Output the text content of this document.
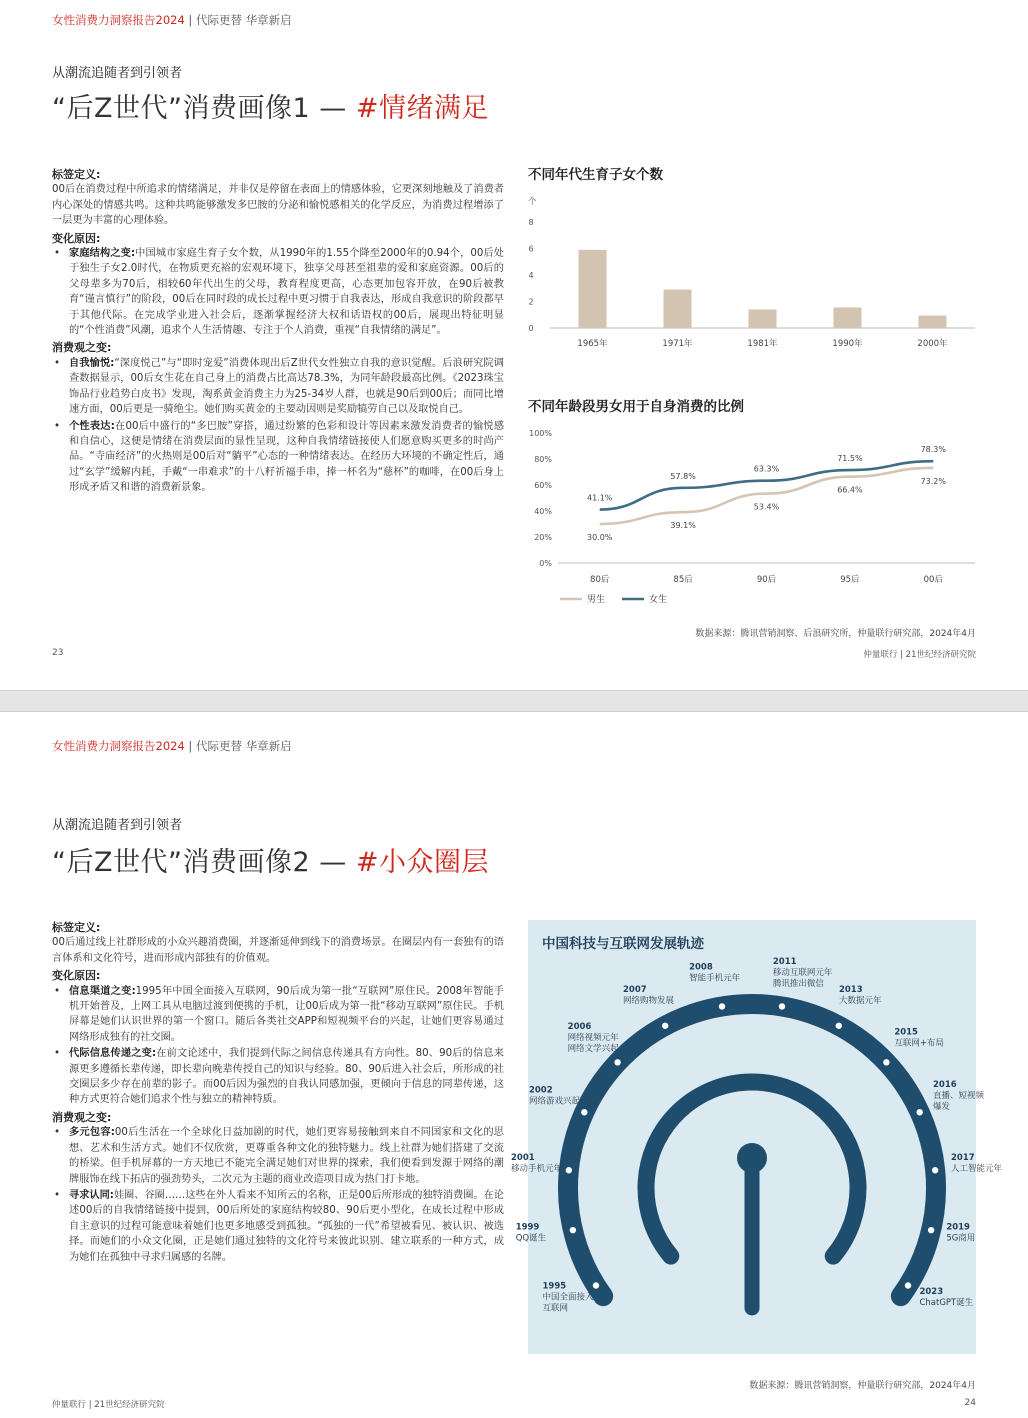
女性消费力洞察报告2024 | 代际更替 华章新启
从潮流追随者到引领者
“后Z世代”消费画像1 — #情绪满足
标签定义:

00后在消费过程中所追求的情绪满足，并非仅是停留在表面上的情感体验，它更深刻地触及了消费者内心深处的情感共鸣。这种共鸣能够激发多巴胺的分泌和愉悦感相关的化学反应，为消费过程增添了一层更为丰富的心理体验。

变化原因:
• 家庭结构之变:中国城市家庭生育子女个数，从1990年的1.55个降至2000年的0.94个，00后处于独生子女2.0时代，在物质更充裕的宏观环境下，独享父母甚至祖辈的爱和家庭资源。00后的父母辈多为70后，相较60年代出生的父母，教育程度更高，心态更加包容开放，在90后被教育“谨言慎行”的阶段，00后在同时段的成长过程中更习惯于自我表达，形成自我意识的阶段都早于其他代际。在完成学业进入社会后，逐渐掌握经济大权和话语权的00后，展现出特征明显的“个性消费”风潮，追求个人生活情趣、专注于个人消费，重视“自我情绪的满足”。
消费观之变:
• 自我愉悦:“深度悦己”与“即时宠爱”消费体现出后Z世代女性独立自我的意识觉醒。后浪研究院调查数据显示，00后女生花在自己身上的消费占比高达78.3%，为同年龄段最高比例。《2023珠宝饰品行业趋势白皮书》发现，淘系黄金消费主力为25-34岁人群，也就是90后到00后；而同比增速方面，00后更是一骑绝尘。她们购买黄金的主要动因则是奖励犒劳自己以及取悦自己。
• 个性表达:在00后中盛行的“多巴胺”穿搭，通过纷繁的色彩和设计等因素来激发消费者的愉悦感和自信心，这便是情绪在消费层面的显性呈现，这种自我情绪链接使人们愿意购买更多的时尚产品。“寺庙经济”的火热则是00后对“躺平”心态的一种情绪表达。在经历大环境的不确定性后，通过“玄学”缓解内耗，手戴“一串难求”的十八籽祈福手串，捧一杯名为“慈杯”的咖啡，在00后身上形成矛盾又和谐的消费新景象。
不同年代生育子女个数
个
8
6
4
2
0
1965年	1971年	1981年	1990年	2000年
不同年龄段男女用于自身消费的比例
100%
80%
60%
40%
20%
0%
80后	85后	90后	95后	00后
30.0%
39.1%
53.4%
66.4%
73.2%
41.1%
57.8%
63.3%
71.5%
78.3%
男生	女生
数据来源：腾讯营销洞察、后浪研究所，仲量联行研究部，2024年4月
23	仲量联行 | 21世纪经济研究院
女性消费力洞察报告2024 | 代际更替 华章新启
从潮流追随者到引领者
“后Z世代”消费画像2 — #小众圈层
标签定义:

00后通过线上社群形成的小众兴趣消费圈，并逐渐延伸到线下的消费场景。在圈层内有一套独有的语言体系和文化符号，进而形成内部独有的价值观。

变化原因:
• 信息渠道之变:1995年中国全面接入互联网，90后成为第一批“互联网”原住民。2008年智能手机开始普及，上网工具从电脑过渡到便携的手机，让00后成为第一批“移动互联网”原住民。手机屏幕是她们认识世界的第一个窗口。随后各类社交APP和短视频平台的兴起，让她们更容易通过网络形成独有的社交圈。
• 代际信息传递之变:在前文论述中，我们提到代际之间信息传递具有方向性。80、90后的信息来源更多遵循长辈传递，即长辈向晚辈传授自己的知识与经验。80、90后进入社会后，所形成的社交圈层多少存在前辈的影子。而00后因为强烈的自我认同感加强，更倾向于信息的同辈传递，这种方式更符合她们追求个性与独立的精神特质。
消费观之变:
• 多元包容:00后生活在一个全球化日益加剧的时代，她们更容易接触到来自不同国家和文化的思想、艺术和生活方式。她们不仅欣赏，更尊重各种文化的独特魅力。线上社群为她们搭建了交流的桥梁。但手机屏幕的一方天地已不能完全满足她们对世界的探索，我们便看到发源于网络的潮牌服饰在线下拓店的强劲势头，二次元为主题的商业改造项目成为热门打卡地。
• 寻求认同:娃圈、谷圈……这些在外人看来不知所云的名称，正是00后所形成的独特消费圈。在论述00后的自我情绪链接中提到，00后所处的家庭结构较80、90后更小型化，在成长过程中形成自主意识的过程可能意味着她们也更多地感受到孤独。“孤独的一代”希望被看见、被认识、被选择。而她们的小众文化圈，正是她们通过独特的文化符号来彼此识别、建立联系的一种方式，成为她们在孤独中寻求归属感的名牌。
中国科技与互联网发展轨迹
1995
中国全面接入
互联网
1999
QQ诞生
2001
移动手机元年
2002
网络游戏兴起
2006
网络视频元年
网络文学兴起
2007
网络购物发展
2008
智能手机元年
2011
移动互联网元年
腾讯推出微信
2013
大数据元年
2015
互联网+布局
2016
直播、短视频
爆发
2017
人工智能元年
2019
5G商用
2023
ChatGPT诞生
数据来源：腾讯营销洞察，仲量联行研究部，2024年4月
仲量联行 | 21世纪经济研究院	24
